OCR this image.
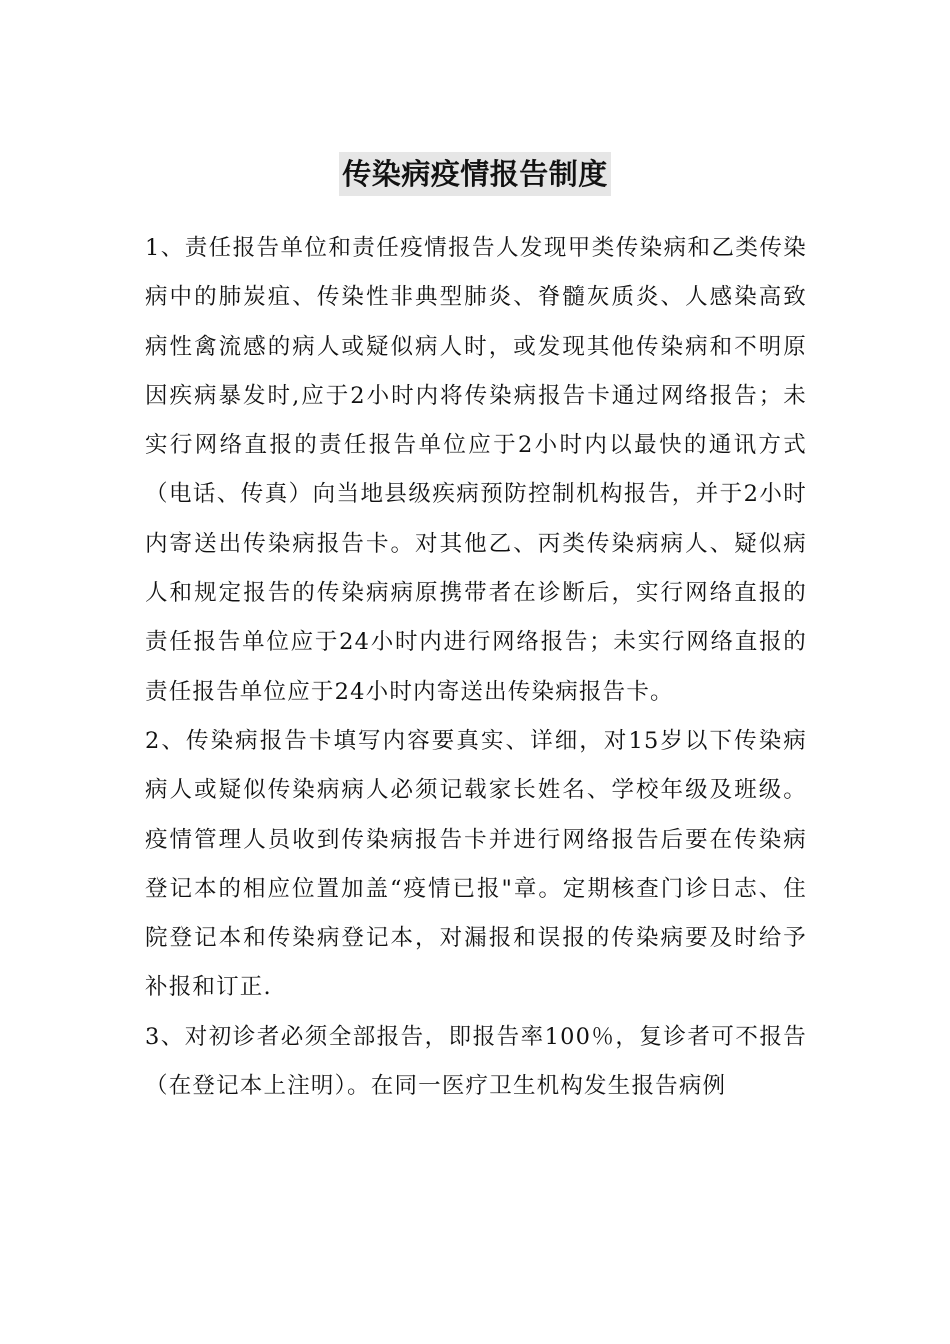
传染病疫情报告制度

1、责任报告单位和责任疫情报告人发现甲类传染病和乙类传染病中的肺炭疽、传染性非典型肺炎、脊髓灰质炎、人感染高致病性禽流感的病人或疑似病人时，或发现其他传染病和不明原因疾病暴发时,应于2小时内将传染病报告卡通过网络报告；未实行网络直报的责任报告单位应于2小时内以最快的通讯方式（电话、传真）向当地县级疾病预防控制机构报告，并于2小时内寄送出传染病报告卡。对其他乙、丙类传染病病人、疑似病人和规定报告的传染病病原携带者在诊断后，实行网络直报的责任报告单位应于24小时内进行网络报告；未实行网络直报的责任报告单位应于24小时内寄送出传染病报告卡。

2、传染病报告卡填写内容要真实、详细，对15岁以下传染病病人或疑似传染病病人必须记载家长姓名、学校年级及班级。疫情管理人员收到传染病报告卡并进行网络报告后要在传染病登记本的相应位置加盖“疫情已报"章。定期核查门诊日志、住院登记本和传染病登记本，对漏报和误报的传染病要及时给予补报和订正.

3、对初诊者必须全部报告，即报告率100％，复诊者可不报告（在登记本上注明）。在同一医疗卫生机构发生报告病例
